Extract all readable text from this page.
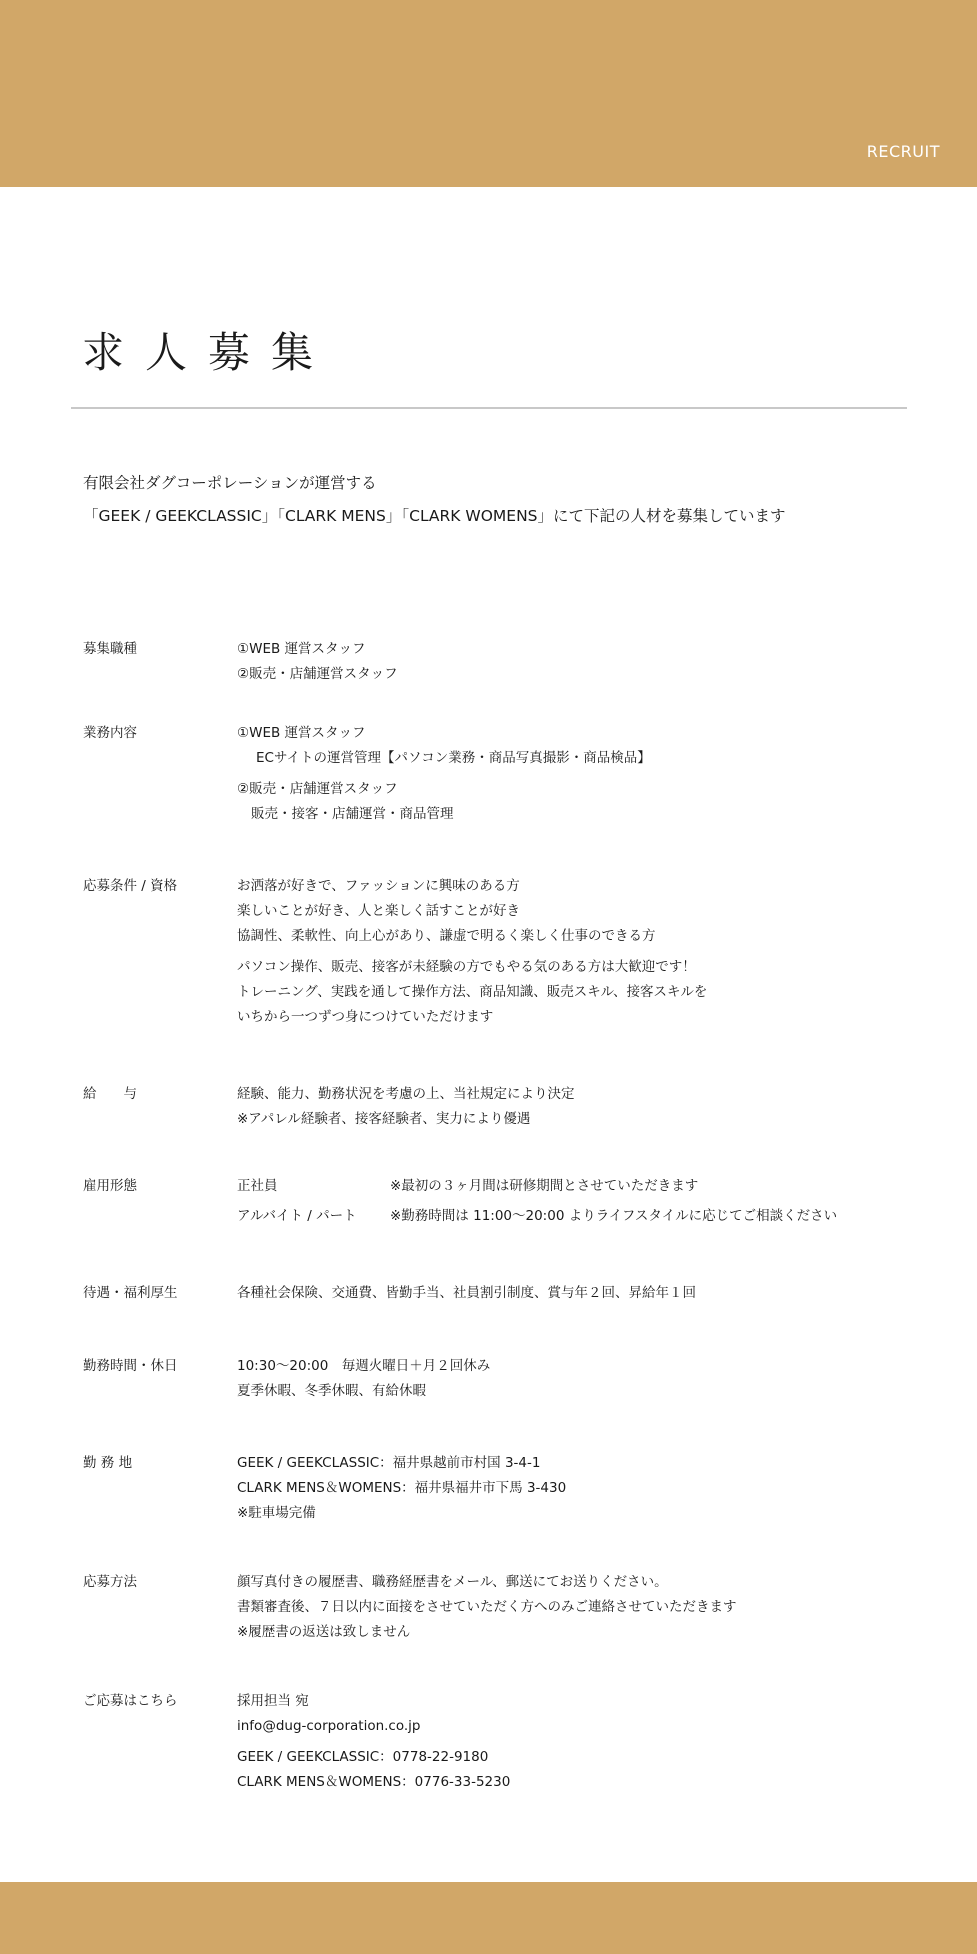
RECRUIT
求人募集
有限会社ダグコーポレーションが運営する
「GEEK / GEEKCLASSIC」「CLARK MENS」「CLARK WOMENS」にて下記の人材を募集しています
募集職種	①WEB 運営スタッフ
②販売・店舗運営スタッフ
業務内容	①WEB 運営スタッフ
ECサイトの運営管理【パソコン業務・商品写真撮影・商品検品】
②販売・店舗運営スタッフ
販売・接客・店舗運営・商品管理
応募条件 / 資格	お洒落が好きで、ファッションに興味のある方
楽しいことが好き、人と楽しく話すことが好き
協調性、柔軟性、向上心があり、謙虚で明るく楽しく仕事のできる方
パソコン操作、販売、接客が未経験の方でもやる気のある方は大歓迎です！
トレーニング、実践を通して操作方法、商品知識、販売スキル、接客スキルを
いちから一つずつ身につけていただけます
給　　与	経験、能力、勤務状況を考慮の上、当社規定により決定
※アパレル経験者、接客経験者、実力により優遇
雇用形態	正社員	※最初の３ヶ月間は研修期間とさせていただきます
アルバイト / パート ※勤務時間は 11:00〜20:00 よりライフスタイルに応じてご相談ください
待遇・福利厚生	各種社会保険、交通費、皆勤手当、社員割引制度、賞与年２回、昇給年１回
勤務時間・休日	10:30〜20:00　毎週火曜日＋月２回休み
夏季休暇、冬季休暇、有給休暇
勤 務 地	GEEK / GEEKCLASSIC：福井県越前市村国 3-4-1
CLARK MENS＆WOMENS：福井県福井市下馬 3-430
※駐車場完備
応募方法	顔写真付きの履歴書、職務経歴書をメール、郵送にてお送りください。
書類審査後、７日以内に面接をさせていただく方へのみご連絡させていただきます
※履歴書の返送は致しません
ご応募はこちら	採用担当 宛
info@dug-corporation.co.jp
GEEK / GEEKCLASSIC：0778-22-9180
CLARK MENS＆WOMENS：0776-33-5230
